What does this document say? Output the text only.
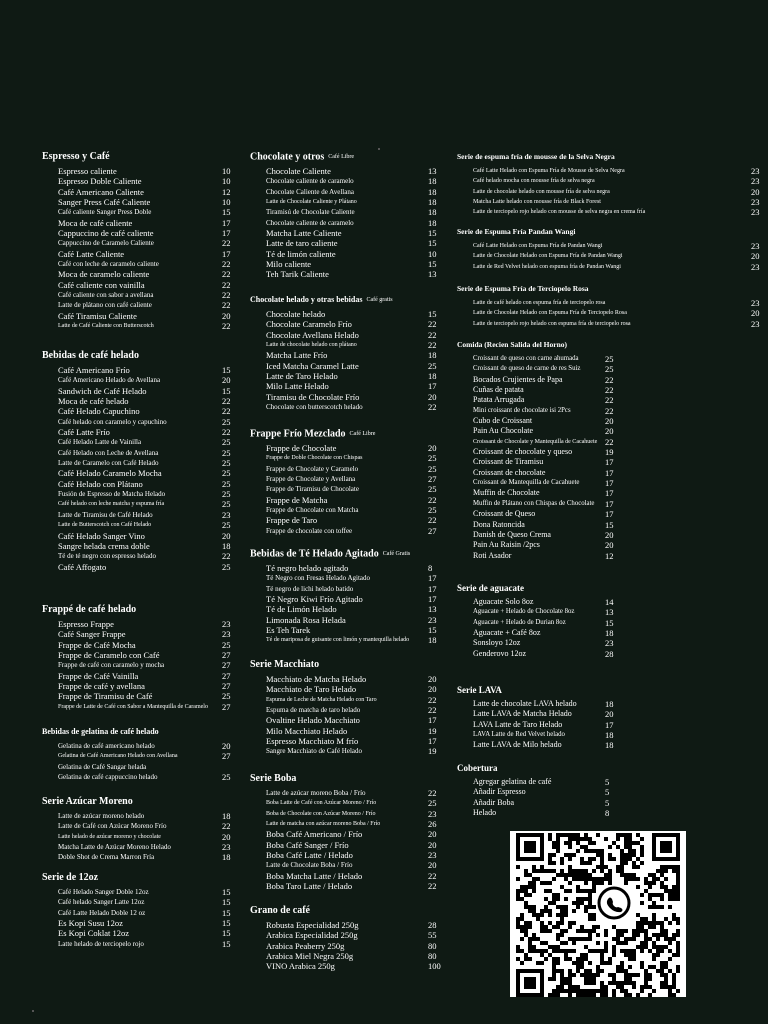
Espresso y Café
Espresso caliente	10
Espresso Doble Caliente	10
Café Americano Caliente	12
Sanger Press Café Caliente	10
Café caliente Sanger Press Doble	15
Moca de café caliente	17
Cappuccino de café caliente	17
Cappuccino de Caramelo Caliente	22
Café Latte Caliente	17
Café con leche de caramelo caliente	22
Moca de caramelo caliente	22
Café caliente con vainilla	22
Café caliente con sabor a avellana	22
Latte de plátano con café caliente	22
Café Tiramisu Caliente	20
Latte de Café Caliente con Butterscotch	22
Bebidas de café helado
Café Americano Frío	15
Café Americano Helado de Avellana	20
Sandwich de Café Helado	15
Moca de café helado	22
Café Helado Capuchino	22
Café helado con caramelo y capuchino	25
Café Latte Frío	22
Café Helado Latte de Vainilla	25
Café Helado con Leche de Avellana	25
Latte de Caramelo con Café Helado	25
Café Helado Caramelo Mocha	25
Café Helado con Plátano	25
Fusión de Espresso de Matcha Helado	25
Café helado con leche matcha y espuma fría	25
Latte de Tiramisu de Café Helado	23
Latte de Butterscotch con Café Helado	25
Café Helado Sanger Vino	20
Sangre helada crema doble	18
Té de té negro con espresso helado	22
Café Affogato	25
Frappé de café helado
Espresso Frappe	23
Café Sanger Frappe	23
Frappe de Café Mocha	25
Frappe de Caramelo con Café	27
Frappe de café con caramelo y mocha	27
Frappe de Café Vainilla	27
Frappe de café y avellana	27
Frappe de Tiramisu de Café	25
Frappe de Latte de Café con Sabor a Mantequilla de Caramelo 27
Bebidas de gelatina de café helado
Gelatina de café americano helado	20
Gelatina de Café Americano Helado con Avellana	27
Gelatina de Café Sangar helada
Gelatina de café cappuccino helado	25
Serie Azúcar Moreno
Latte de azúcar moreno helado	18
Latte de Café con Azúcar Moreno Frío	22
Latte helado de azúcar moreno y chocolate	20
Matcha Latte de Azúcar Moreno Helado	23
Doble Shot de Crema Marron Fría	18
Serie de 12oz
Café Helado Sanger Doble 12oz	15
Café helado Sanger Latte 12oz	15
Café Latte Helado Doble 12 oz	15
Es Kopi Susu 12oz	15
Es Kopi Coklat 12oz	15
Latte helado de terciopelo rojo	15
Chocolate y otros Café Libre
Chocolate Caliente	13
Chocolate caliente de caramelo	18
Chocolate Caliente de Avellana	18
Latte de Chocolate Caliente y Plátano	18
Tiramisú de Chocolate Caliente	18
Chocolate caliente de caramelo	18
Matcha Latte Caliente	15
Latte de taro caliente	15
Té de limón caliente	10
Milo caliente	15
Teh Tarik Caliente	13
Chocolate helado y otras bebidas Café gratis
Chocolate helado	15
Chocolate Caramelo Frío	22
Chocolate Avellana Helado	22
Latte de chocolate helado con plátano	22
Matcha Latte Frío	18
Iced Matcha Caramel Latte	25
Latte de Taro Helado	18
Milo Latte Helado	17
Tiramisu de Chocolate Frío	20
Chocolate con butterscotch helado	22
Frappe Frío Mezclado Café Libre
Frappe de Chocolate	20
Frappe de Doble Chocolate con Chispas	25
Frappe de Chocolate y Caramelo	25
Frappe de Chocolate y Avellana	27
Frappe de Tiramisu de Chocolate	25
Frappe de Matcha	22
Frappe de Chocolate con Matcha	25
Frappe de Taro	22
Frappe de chocolate con toffee	27
Bebidas de Té Helado Agitado Café Gratis
Té negro helado agitado	8
Té Negro con Fresas Helado Agitado	17
Té negro de lichi helado batido	17
Té Negro Kiwi Frío Agitado	17
Té de Limón Helado	13
Limonada Rosa Helada	23
Es Teh Tarek	15
Té de mariposa de guisante con limón y mantequilla helado 18
Serie Macchiato
Macchiato de Matcha Helado	20
Macchiato de Taro Helado	20
Espuma de Leche de Matcha Helado con Taro	22
Espuma de matcha de taro helado	22
Ovaltine Helado Macchiato	17
Milo Macchiato Helado	19
Espresso Macchiato M frío	17
Sangre Macchiato de Café Helado	19
Serie Boba
Latte de azúcar moreno Boba / Frío	22
Boba Latte de Café con Azúcar Moreno / Frío	25
Boba de Chocolate con Azúcar Moreno / Frío	23
Latte de matcha con azúcar moreno Boba / Frío	26
Boba Café Americano / Frío	20
Boba Café Sanger / Frío	20
Boba Café Latte / Helado	23
Latte de Chocolate Boba / Frío	20
Boba Matcha Latte / Helado	22
Boba Taro Latte / Helado	22
Grano de café
Robusta Especialidad 250g	28
Arabica Especialidad 250g	55
Arabica Peaberry 250g	80
Arabica Miel Negra 250g	80
VINO Arabica 250g	100
Serie de espuma fría de mousse de la Selva Negra
Café Latte Helado con Espuma Fría de Mousse de Selva Negra	23
Café helado mocha con mousse fría de selva negra	23
Latte de chocolate helado con mousse fría de selva negra	20
Matcha Latte helado con mousse fría de Black Forest	23
Latte de terciopelo rojo helado con mousse de selva negra en crema fría	23
Serie de Espuma Fría Pandan Wangi
Café Latte Helado con Espuma Fría de Pandan Wangi	23
Latte de Chocolate Helado con Espuma Fría de Pandan Wangi	20
Latte de Red Velvet helado con espuma fría de Pandan Wangi	23
Serie de Espuma Fría de Terciopelo Rosa
Latte de café helado con espuma fría de terciopelo rosa	23
Latte de Chocolate Helado con Espuma Fría de Terciopelo Rosa	20
Latte de terciopelo rojo helado con espuma fría de terciopelo rosa	23
Comida (Recien Salida del Horno)
Croissant de queso con carne ahumada	25
Croissant de queso de carne de res Suiz	25
Bocados Crujientes de Papa	22
Cuñas de patata	22
Patata Arrugada	22
Mini croissant de chocolate isi 2Pcs	22
Cubo de Croissant	20
Pain Au Chocolate	20
Croissant de Chocolate y Mantequilla de Cacahuete 22
Croissant de chocolate y queso	19
Croissant de Tiramisu	17
Croissant de chocolate	17
Croissant de Mantequilla de Cacahuete	17
Muffin de Chocolate	17
Muffin de Plátano con Chispas de Chocolate 17
Croissant de Queso	17
Dona Ratoncida	15
Danish de Queso Crema	20
Pain Au Raisin /2pcs	20
Roti Asador	12
Serie de aguacate
Aguacate Solo 8oz	14
Aguacate + Helado de Chocolate 8oz	13
Aguacate + Helado de Durian 8oz	15
Aguacate + Café 8oz	18
Sonsloyo 12oz	23
Genderovo 12oz	28
Serie LAVA
Latte de chocolate LAVA helado	18
Latte LAVA de Matcha Helado	20
LAVA Latte de Taro Helado	17
LAVA Latte de Red Velvet helado	18
Latte LAVA de Milo helado	18
Cobertura
Agregar gelatina de café	5
Añadir Espresso	5
Añadir Boba	5
Helado	8
